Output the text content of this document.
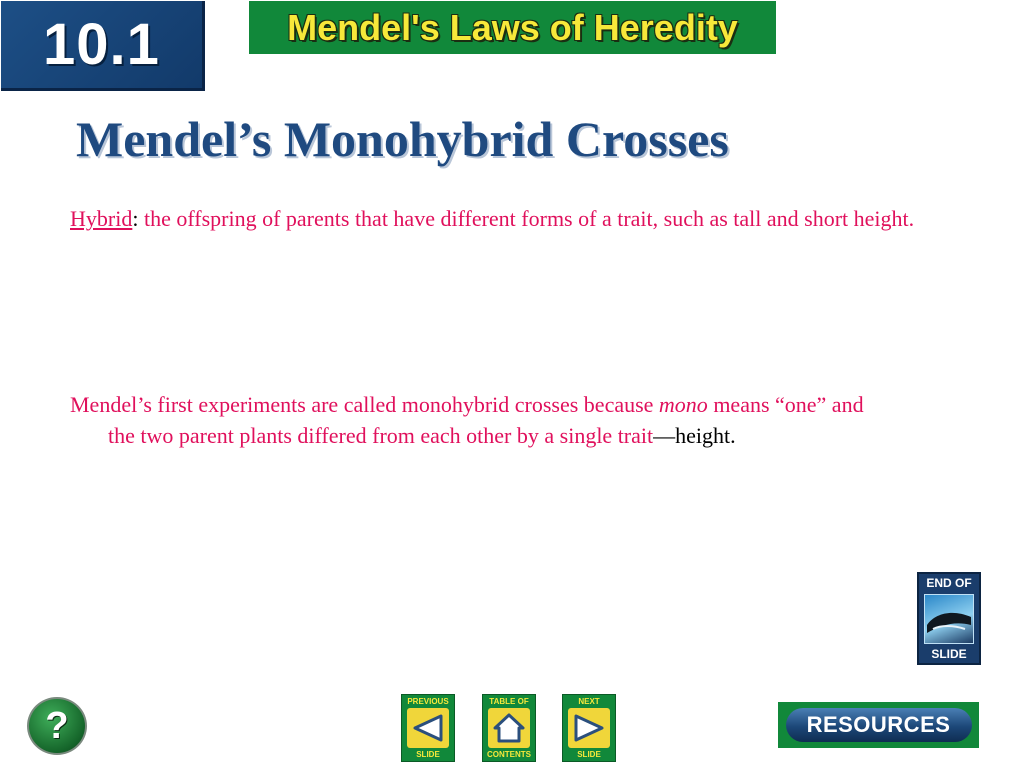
10.1	Mendel's Laws of Heredity
Mendel’s Monohybrid Crosses

Hybrid: the offspring of parents that have different forms of a trait, such as tall and short height.

Mendel’s first experiments are called monohybrid crosses because mono means “one” and the two parent plants differed from each other by a single trait—height.

END OF
SLIDE
?
PREVIOUS
SLIDE
TABLE OF
CONTENTS
NEXT
SLIDE
RESOURCES
